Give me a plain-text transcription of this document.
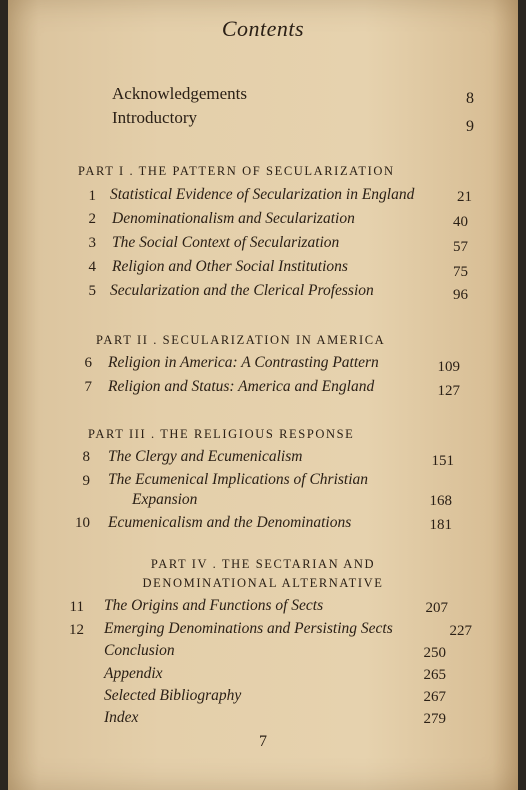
Contents
Acknowledgements	8
Introductory	9
PART I . THE PATTERN OF SECULARIZATION
1 Statistical Evidence of Secularization in England	21
2 Denominationalism and Secularization	40
3 The Social Context of Secularization	57
4 Religion and Other Social Institutions	75
5 Secularization and the Clerical Profession	96
PART II . SECULARIZATION IN AMERICA
6 Religion in America: A Contrasting Pattern	109
7 Religion and Status: America and England	127
PART III . THE RELIGIOUS RESPONSE
8 The Clergy and Ecumenicalism	151
9 The Ecumenical Implications of Christian
Expansion	168
10 Ecumenicalism and the Denominations	181
PART IV . THE SECTARIAN AND
DENOMINATIONAL ALTERNATIVE
11 The Origins and Functions of Sects	207
12 Emerging Denominations and Persisting Sects	227
Conclusion	250
Appendix	265
Selected Bibliography	267
Index	279
7
